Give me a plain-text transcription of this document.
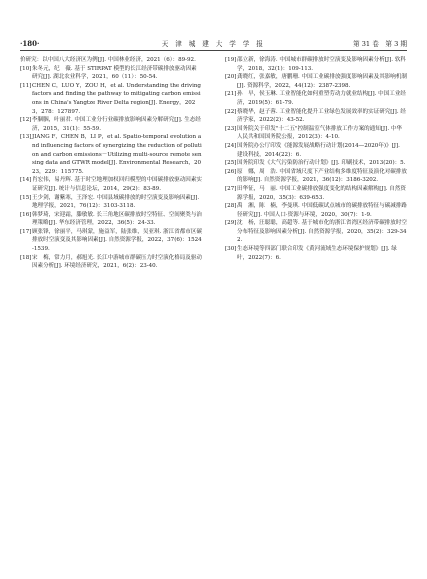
·180·	天 津 城 建 大 学 学 报	第 31 卷　第 3 期

价研究：以中国八大经济区为例[J]. 中国林业经济，2021（6）：89-92.

[10] 朱冬元，纪　薇. 基于 STIRPAT 模型的长江经济带碳排放驱动因素研究[J]. 湖北农业科学，2021，60（11）：50-54.

[11] CHEN C，LUO Y，ZOU H，et al. Understanding the driving factors and finding the pathway to mitigating carbon emissions in China's Yangtze River Delta region[J]. Energy，2023，278：127897.

[12] 李胭胭，叶丽君. 中国工业分行业碳排放影响因素分解研究[J]. 生态经济，2015，31(1)：55-59.

[13] JIANG F，CHEN B，LI P，et al. Spatio-temporal evolution and influencing factors of synergizing the reduction of pollution and carbon emissions－Utilizing multi-source remote sensing data and GTWR model[J]. Environmental Research，2023，229：115775.

[14] 肖宏伟，易丹辉. 基于时空地理加权回归模型的中国碳排放驱动因素实证研究[J]. 统计与信息论坛，2014，29(2)：83-89.

[15] 王少剑，谢紫寒，王泽宏. 中国县域碳排放的时空演变及影响因素[J]. 地理学报，2021，76(12)：3103-3118.

[16] 韩梦琦，宋迎霜，滕敏敏. 长三角地区碳排放时空特征、空间聚类与治理策略[J]. 华东经济管理，2022，36(5)：24-33.

[17] 顾张锋，徐丽平，马琪蒙，施益军，陆张维，吴亚琪. 浙江省都市区碳排放时空演变及其影响因素[J]. 自然资源学报，2022，37(6)：1524-1539.

[18] 宋　梅，常力月，郝旭光. 长江中游城市群碳压力时空演化格局及驱动因素分析[J]. 环境经济研究，2021，6(2)：23-40.

[19] 邵立新，徐海涛. 中国城市群碳排放时空演变及影响因素分析[J]. 软科学，2018，32(1)：109-113.

[20] 龚晓红，张嘉敏，唐鹏珊. 中国工业碳排放强度影响因素及其影响机制[J]. 资源科学，2022，44(12)：2387-2398.

[21] 孙　早，侯玉琳. 工业智能化如何重塑劳动力就业结构[J]. 中国工业经济，2019(5)：61-79.

[22] 蔡晓华，赵子蓉. 工业智能化提升工业绿色发展效率的实证研究[J]. 经济学家，2022(2)：43-52.

[23] 国务院关于印发"十二五"控制温室气体排放工作方案的通知[J]. 中华人民共和国国务院公报，2012(3)：4-10.

[24] 国务院办公厅印发《能源发展战略行动计划(2014—2020年)》[J]. 建设科技，2014(22)：6.

[25] 国务院印发《大气污染防治行动计划》[J]. 印刷技术，2013(20)：5.

[26] 原　娜，周　浩. 中国省域尺度下产业结构多维度特征及演化对碳排放的影响[J]. 自然资源学报，2021，36(12)：3186-3202.

[27] 田华征，马　丽. 中国工业碳排放强度变化的结构因素解构[J]. 自然资源学报，2020，35(3)：639-653.

[28] 禹　湘，陈　楠，李曼琪. 中国低碳试点城市的碳排放特征与碳减排路径研究[J]. 中国人口·资源与环境，2020，30(7)：1-9.

[29] 沈　杨，汪聪聪，高超等. 基于城市化的浙江省湾区经济带碳排放时空分布特征及影响因素分析[J]. 自然资源学报，2020，35(2)：329-342.

[30] 生态环境等四部门联合印发《黄河流域生态环境保护规划》[J]. 绿叶，2022(7)：6.
